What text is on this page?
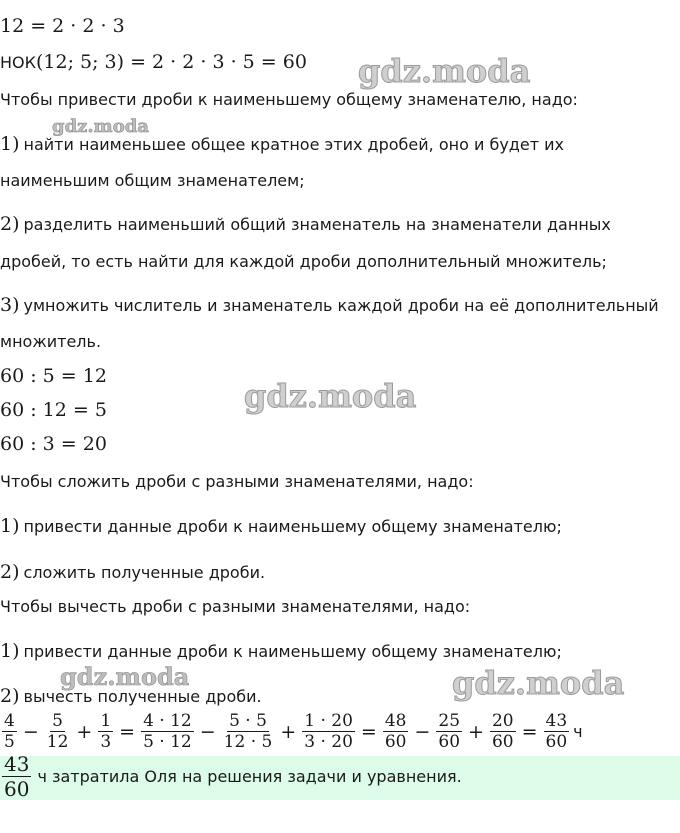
gdz.moda
gdz.moda
gdz.moda
gdz.moda	gdz.moda
12 = 2 · 2 · 3
НОК(12; 5; 3) = 2 · 2 · 3 · 5 = 60
Чтобы привести дроби к наименьшему общему знаменателю, надо:
1) найти наименьшее общее кратное этих дробей, оно и будет их
наименьшим общим знаменателем;
2) разделить наименьший общий знаменатель на знаменатели данных
дробей, то есть найти для каждой дроби дополнительный множитель;
3) умножить числитель и знаменатель каждой дроби на её дополнительный
множитель.
60 : 5 = 12
60 : 12 = 5
60 : 3 = 20
Чтобы сложить дроби с разными знаменателями, надо:
1) привести данные дроби к наименьшему общему знаменателю;
2) сложить полученные дроби.
Чтобы вычесть дроби с разными знаменателями, надо:
1) привести данные дроби к наименьшему общему знаменателю;
2) вычесть полученные дроби.
$\frac{4}{5} - \frac{5}{12} + \frac{1}{3} = \frac{4 \cdot 12}{5 \cdot 12} - \frac{5 \cdot 5}{12 \cdot 5} + \frac{1 \cdot 20}{3 \cdot 20} = \frac{48}{60} - \frac{25}{60} + \frac{20}{60} = \frac{43}{60}$ ч
$\frac{43}{60}$ ч затратила Оля на решения задачи и уравнения.
